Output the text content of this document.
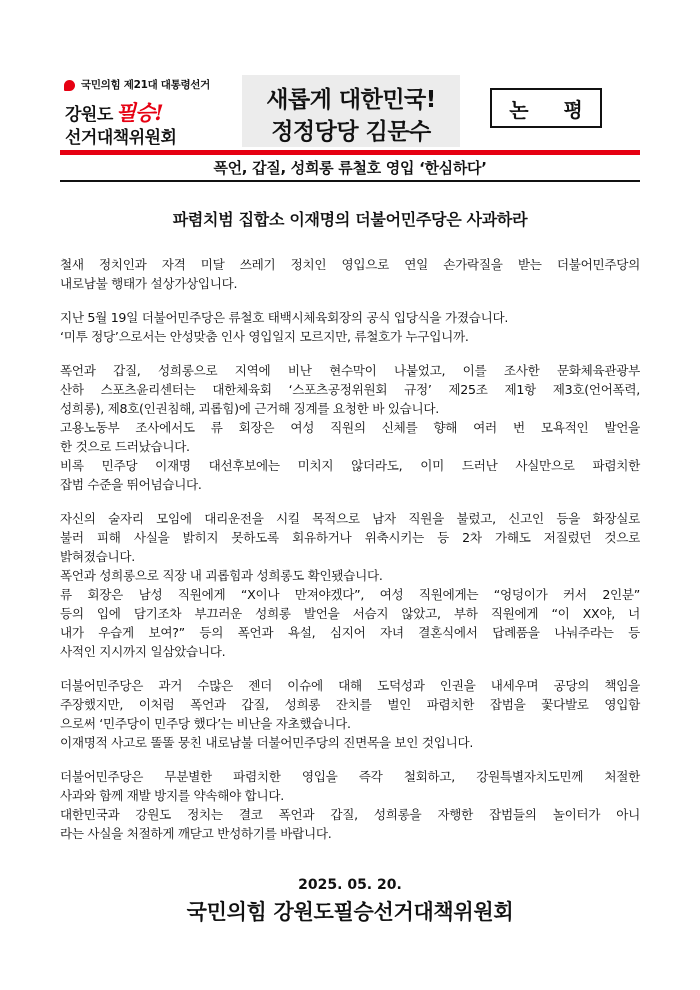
국민의힘 제21대 대통령선거
강원도 필승!
선거대책위원회
새롭게 대한민국!
정정당당 김문수
논 평
폭언, 갑질, 성희롱 류철호 영입 ‘한심하다’
파렴치범 집합소 이재명의 더불어민주당은 사과하라

철새 정치인과 자격 미달 쓰레기 정치인 영입으로 연일 손가락질을 받는 더불어민주당의
내로남불 행태가 설상가상입니다.

지난 5월 19일 더불어민주당은 류철호 태백시체육회장의 공식 입당식을 가졌습니다.
‘미투 정당’으로서는 안성맞춤 인사 영입일지 모르지만, 류철호가 누구입니까.

폭언과 갑질, 성희롱으로 지역에 비난 현수막이 나붙었고, 이를 조사한 문화체육관광부
산하 스포츠윤리센터는 대한체육회 ‘스포츠공정위원회 규정’ 제25조 제1항 제3호(언어폭력,
성희롱), 제8호(인권침해, 괴롭힘)에 근거해 징계를 요청한 바 있습니다.
고용노동부 조사에서도 류 회장은 여성 직원의 신체를 향해 여러 번 모욕적인 발언을
한 것으로 드러났습니다.
비록 민주당 이재명 대선후보에는 미치지 않더라도, 이미 드러난 사실만으로 파렴치한
잡범 수준을 뛰어넘습니다.

자신의 술자리 모임에 대리운전을 시킬 목적으로 남자 직원을 불렀고, 신고인 등을 화장실로
불러 피해 사실을 밝히지 못하도록 회유하거나 위축시키는 등 2차 가해도 저질렀던 것으로
밝혀졌습니다.
폭언과 성희롱으로 직장 내 괴롭힘과 성희롱도 확인됐습니다.
류 회장은 남성 직원에게 “X이나 만져야겠다”, 여성 직원에게는 “엉덩이가 커서 2인분”
등의 입에 담기조차 부끄러운 성희롱 발언을 서슴지 않았고, 부하 직원에게 “이 XX야, 너
내가 우습게 보여?” 등의 폭언과 욕설, 심지어 자녀 결혼식에서 답례품을 나눠주라는 등
사적인 지시까지 일삼았습니다.

더불어민주당은 과거 수많은 젠더 이슈에 대해 도덕성과 인권을 내세우며 공당의 책임을
주장했지만, 이처럼 폭언과 갑질, 성희롱 잔치를 벌인 파렴치한 잡범을 꽃다발로 영입함
으로써 ‘민주당이 민주당 했다’는 비난을 자초했습니다.
이재명적 사고로 똘똘 뭉친 내로남불 더불어민주당의 진면목을 보인 것입니다.

더불어민주당은 무분별한 파렴치한 영입을 즉각 철회하고, 강원특별자치도민께 처절한
사과와 함께 재발 방지를 약속해야 합니다.
대한민국과 강원도 정치는 결코 폭언과 갑질, 성희롱을 자행한 잡범들의 놀이터가 아니
라는 사실을 처절하게 깨닫고 반성하기를 바랍니다.

2025. 05. 20.
국민의힘 강원도필승선거대책위원회
